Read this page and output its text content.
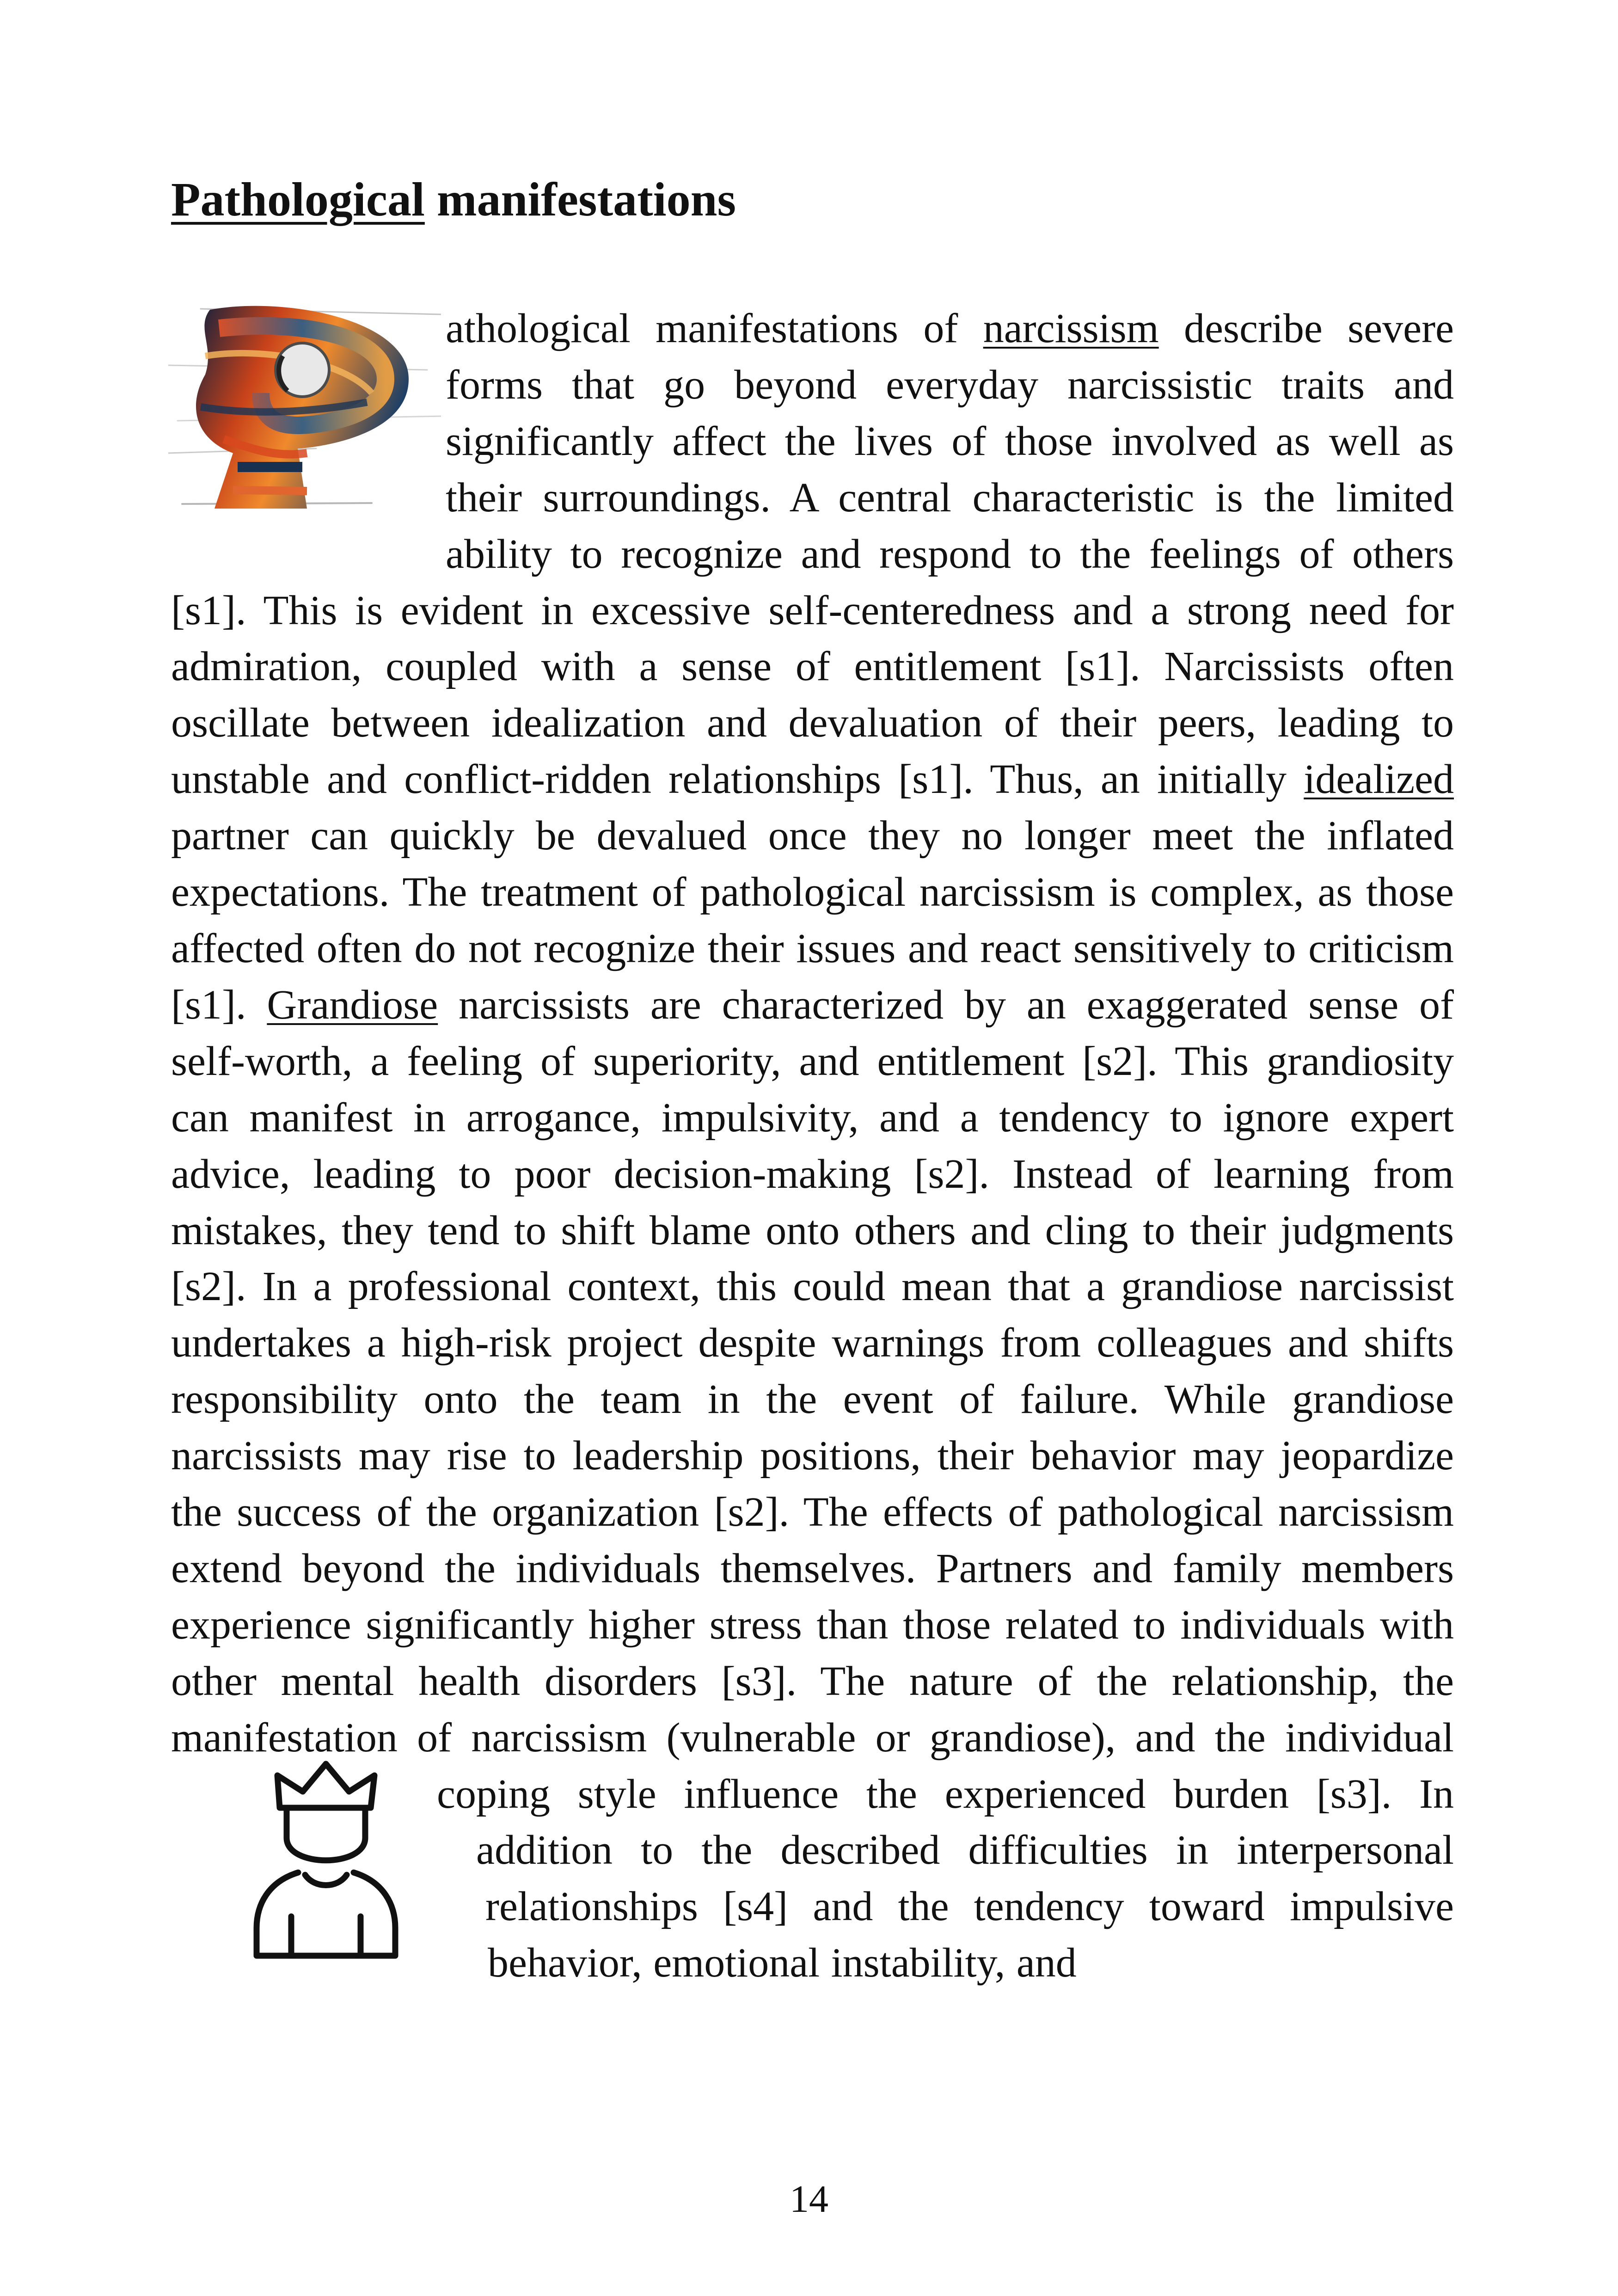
Pathological manifestations

athological manifestations of narcissism describe severe forms that go beyond everyday narcissistic traits and significantly affect the lives of those involved as well as their surroundings. A central characteristic is the limited ability to recognize and respond to the feelings of others [s1]. This is evident in excessive self-centeredness and a strong need for admiration, coupled with a sense of entitlement [s1]. Narcissists often oscillate between idealization and devaluation of their peers, leading to unstable and conflict-ridden relationships [s1]. Thus, an initially idealized partner can quickly be devalued once they no longer meet the inflated expectations. The treatment of pathological narcissism is complex, as those affected often do not recognize their issues and react sensitively to criticism [s1]. Grandiose narcissists are characterized by an exaggerated sense of self-worth, a feeling of superiority, and entitlement [s2]. This grandiosity can manifest in arrogance, impulsivity, and a tendency to ignore expert advice, leading to poor decision-making [s2]. Instead of learning from mistakes, they tend to shift blame onto others and cling to their judgments [s2]. In a professional context, this could mean that a grandiose narcissist undertakes a high-risk project despite warnings from colleagues and shifts responsibility onto the team in the event of failure. While grandiose narcissists may rise to leadership positions, their behavior may jeopardize the success of the organization [s2]. The effects of pathological narcissism extend beyond the individuals themselves. Partners and family members experience significantly higher stress than those related to individuals with other mental health disorders [s3]. The nature of the relationship, the manifestation of narcissism (vulnerable or grandiose), and the individual coping style influence the experienced burden [s3]. In addition to the described difficulties in interpersonal relationships [s4] and the tendency toward impulsive behavior, emotional instability, and

14
